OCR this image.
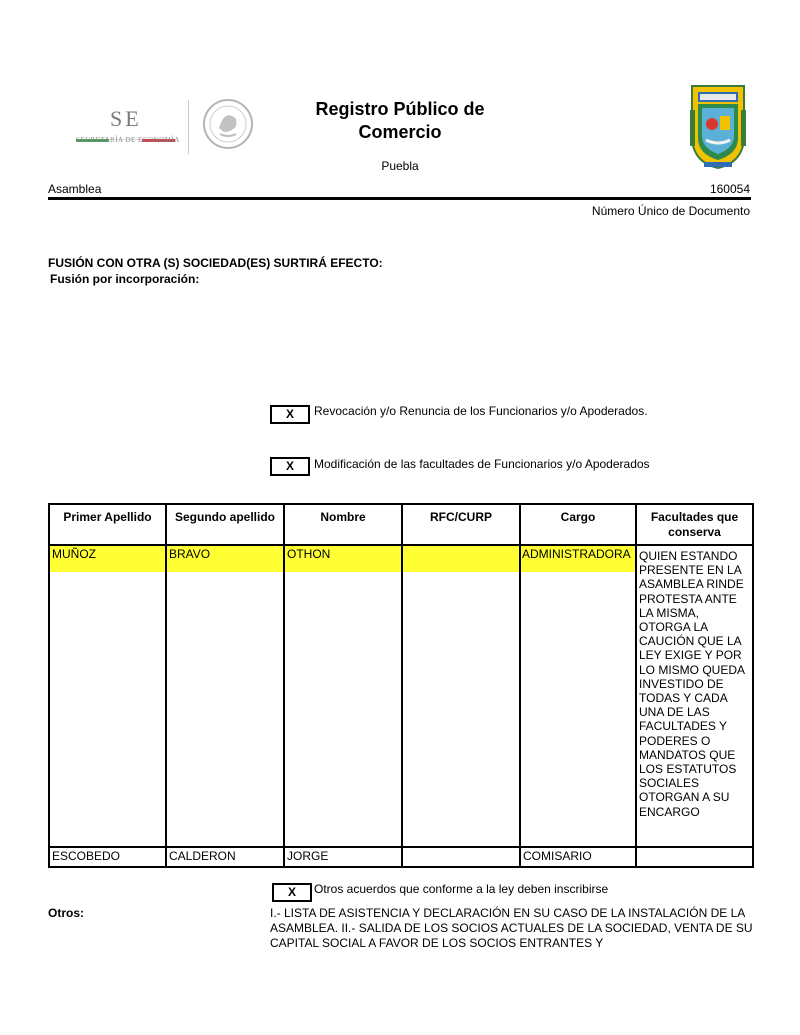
SE
SECRETARÍA DE ECONOMÍA
Registro Público de
Comercio
Puebla
Asamblea	160054
Número Único de Documento
FUSIÓN CON OTRA (S) SOCIEDAD(ES) SURTIRÁ EFECTO:
Fusión por incorporación:
X	Revocación y/o Renuncia de los Funcionarios y/o Apoderados.
X	Modificación de las facultades de Funcionarios y/o Apoderados
Primer Apellido	Segundo apellido	Nombre	RFC/CURP	Cargo	Facultades que conserva
MUÑOZ	BRAVO	OTHON		ADMINISTRADORA	QUIEN ESTANDO PRESENTE EN LA ASAMBLEA RINDE PROTESTA ANTE LA MISMA, OTORGA LA CAUCIÓN QUE LA LEY EXIGE Y POR LO MISMO QUEDA INVESTIDO DE TODAS Y CADA UNA DE LAS FACULTADES Y PODERES O MANDATOS QUE LOS ESTATUTOS SOCIALES OTORGAN A SU ENCARGO
ESCOBEDO	CALDERON	JORGE		COMISARIO	
X	Otros acuerdos que conforme a la ley deben inscribirse
Otros:	I.- LISTA DE ASISTENCIA Y DECLARACIÓN EN SU CASO DE LA INSTALACIÓN DE LA ASAMBLEA. II.- SALIDA DE LOS SOCIOS ACTUALES DE LA SOCIEDAD, VENTA DE SU CAPITAL SOCIAL A FAVOR DE LOS SOCIOS ENTRANTES Y
